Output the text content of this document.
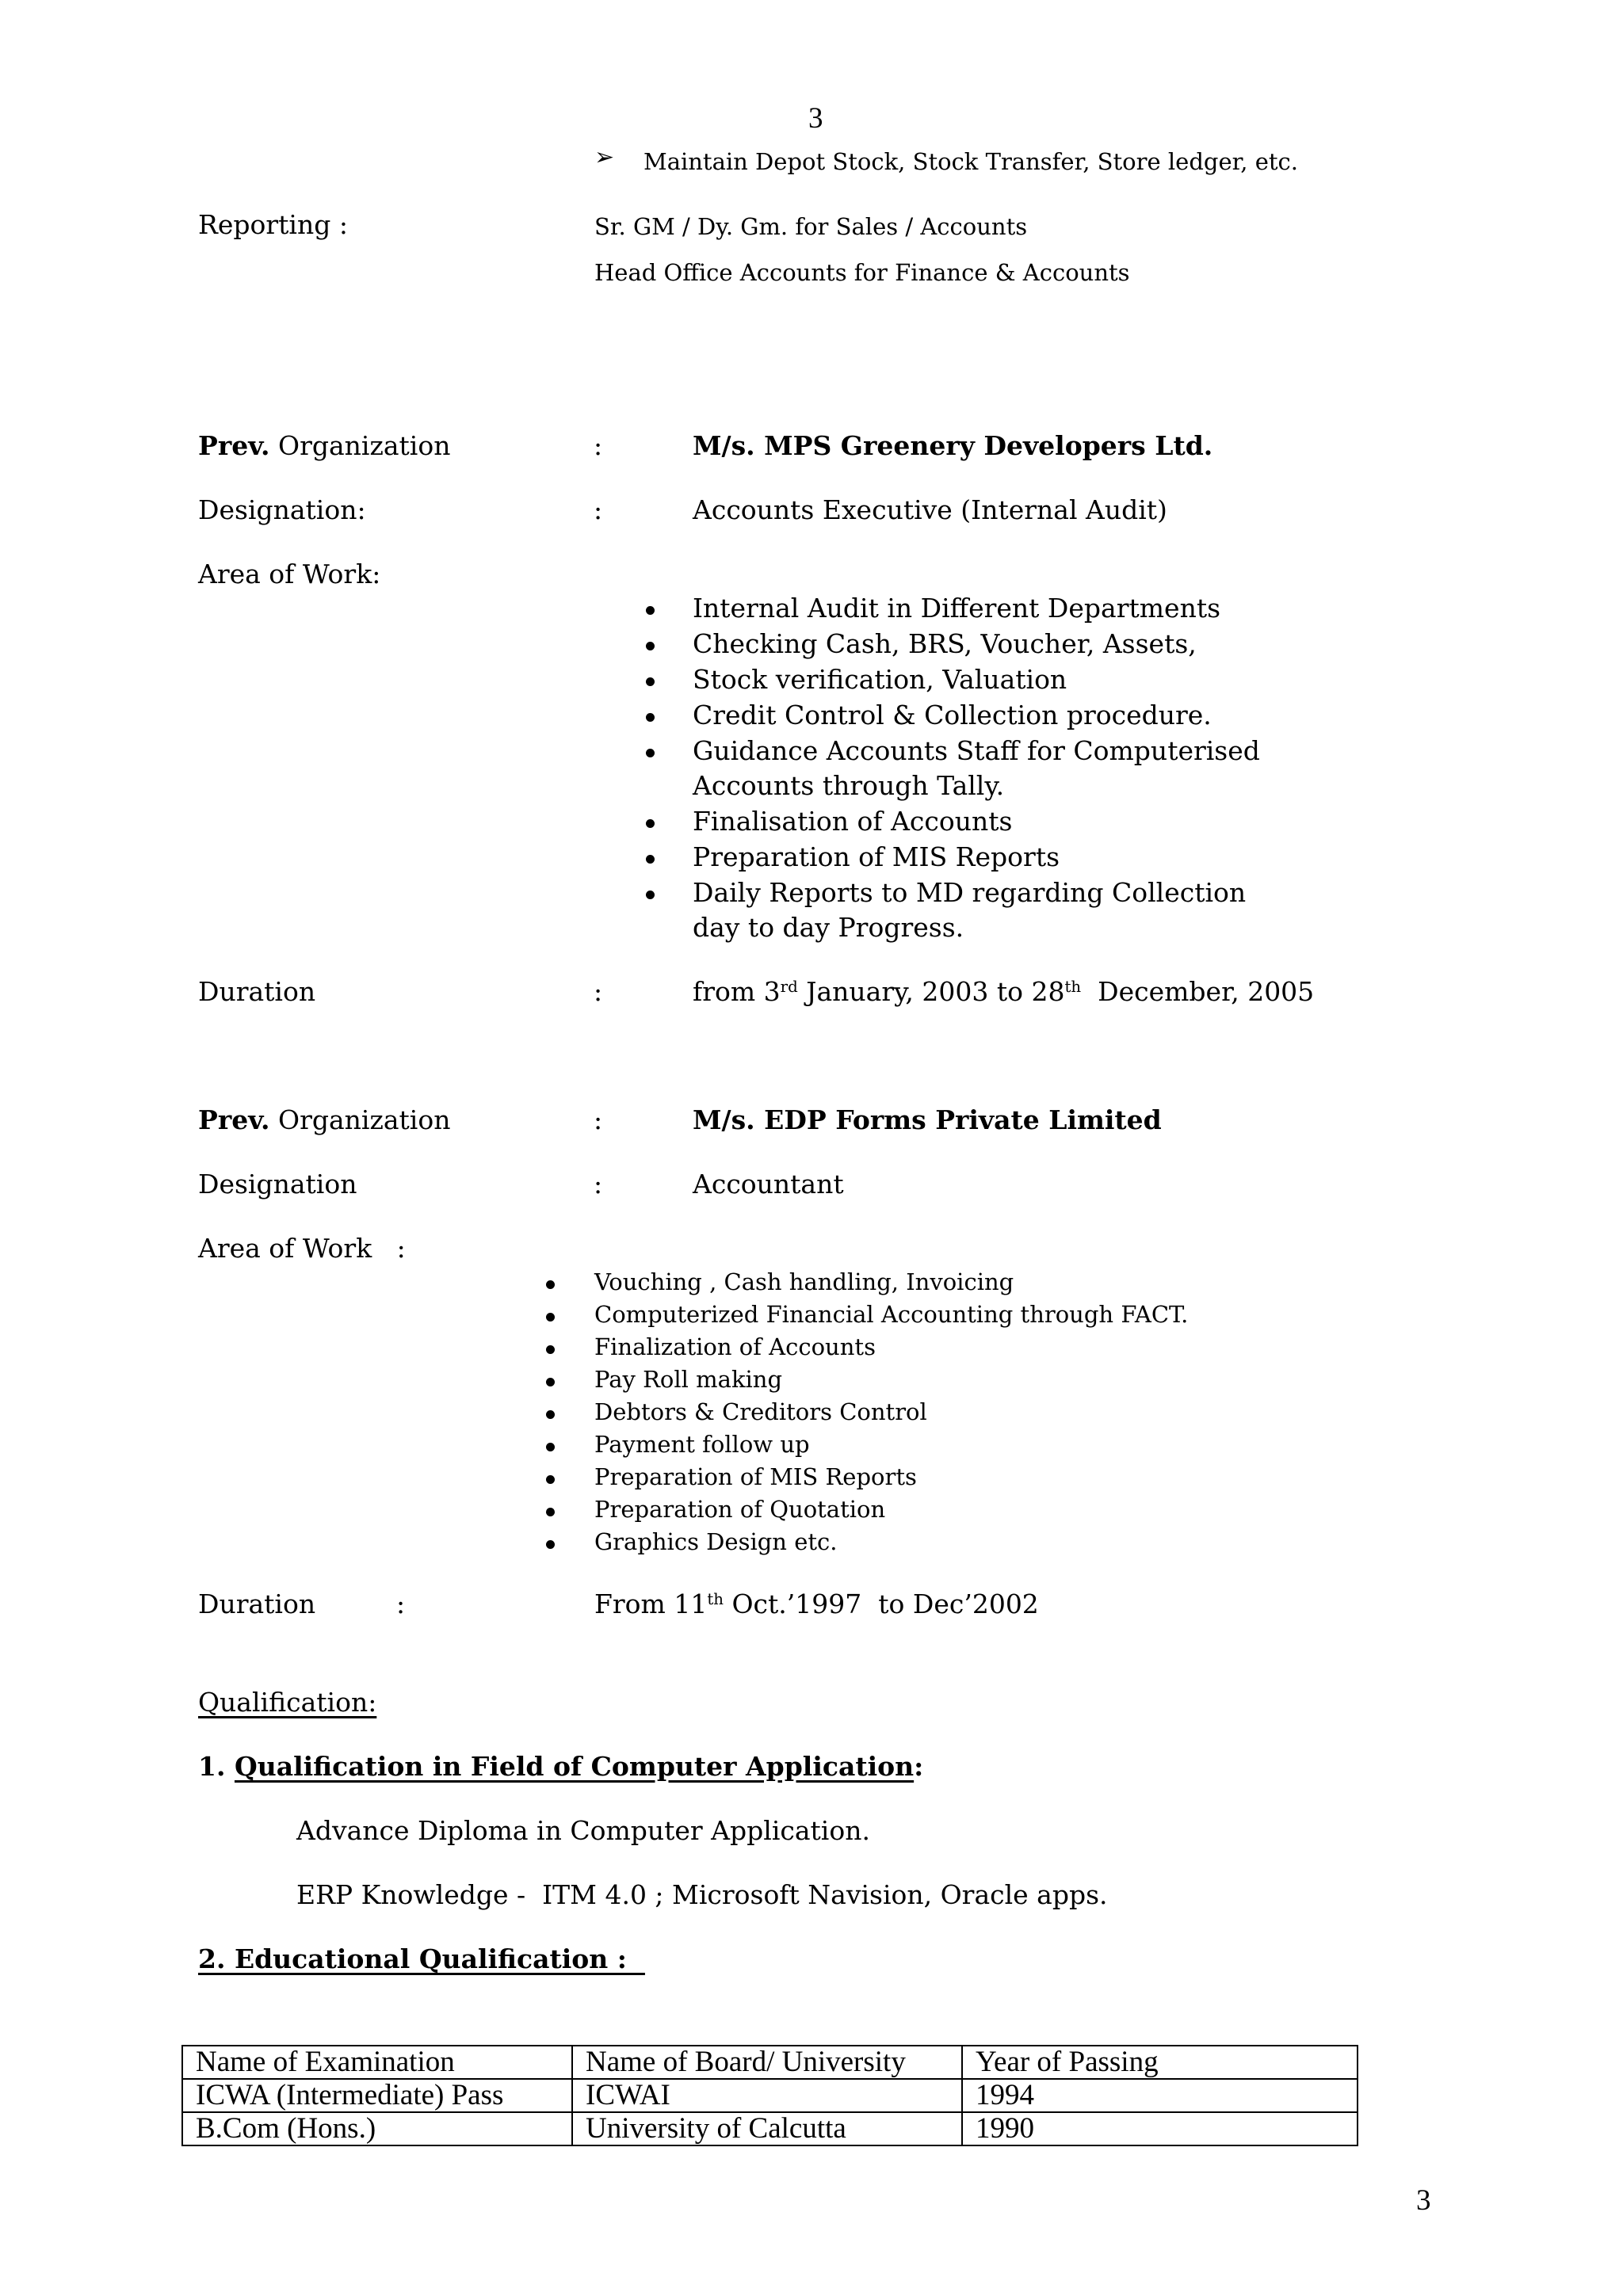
3
➢ Maintain Depot Stock, Stock Transfer, Store ledger, etc.
Reporting :	Sr. GM / Dy. Gm. for Sales / Accounts
Head Office Accounts for Finance & Accounts
Prev. Organization	:	M/s. MPS Greenery Developers Ltd.
Designation:	:	Accounts Executive (Internal Audit)
Area of Work:
Internal Audit in Different Departments
Checking Cash, BRS, Voucher, Assets,
Stock verification, Valuation
Credit Control & Collection procedure.
Guidance Accounts Staff for Computerised
Accounts through Tally.
Finalisation of Accounts
Preparation of MIS Reports
Daily Reports to MD regarding Collection
day to day Progress.
Duration	:	from 3rd January, 2003 to 28th  December, 2005
Prev. Organization	:	M/s. EDP Forms Private Limited
Designation	:	Accountant
Area of Work   :
Vouching , Cash handling, Invoicing
Computerized Financial Accounting through FACT.
Finalization of Accounts
Pay Roll making
Debtors & Creditors Control
Payment follow up
Preparation of MIS Reports
Preparation of Quotation
Graphics Design etc.
Duration	:	From 11th Oct.’1997  to Dec’2002
Qualification:
1. Qualification in Field of Computer Application:
Advance Diploma in Computer Application.
ERP Knowledge -  ITM 4.0 ; Microsoft Navision, Oracle apps.
2. Educational Qualification :
Name of Examination	Name of Board/ University	Year of Passing
ICWA (Intermediate) Pass	ICWAI	1994
B.Com (Hons.)	University of Calcutta	1990
3
